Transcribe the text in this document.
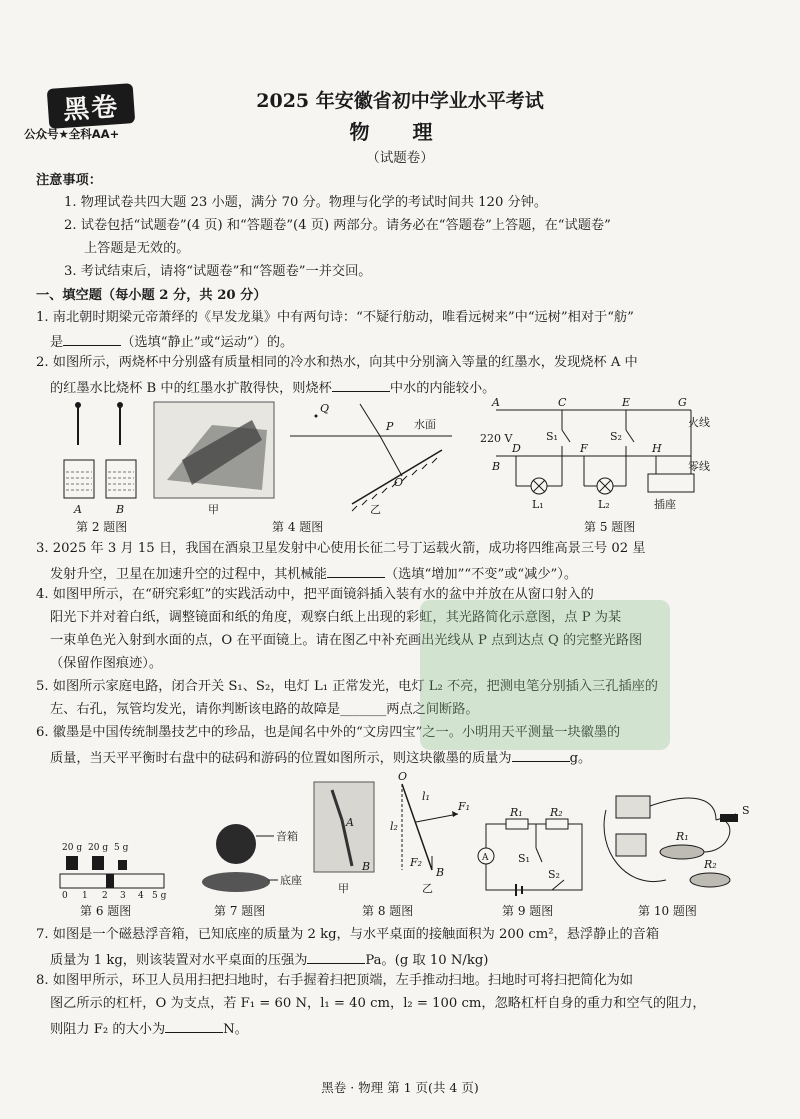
黑卷
公众号★全科AA+
2025 年安徽省初中学业水平考试
物 理
（试题卷）
注意事项：
1. 物理试卷共四大题 23 小题，满分 70 分。物理与化学的考试时间共 120 分钟。
2. 试卷包括“试题卷”(4 页) 和“答题卷”(4 页) 两部分。请务必在“答题卷”上答题，在“试题卷”
上答题是无效的。
3. 考试结束后，请将“试题卷”和“答题卷”一并交回。
一、填空题（每小题 2 分，共 20 分）
1. 南北朝时期梁元帝萧绎的《早发龙巢》中有两句诗：“不疑行舫动，唯看远树来”中“远树”相对于“舫”
是	（选填“静止”或“运动”）的。
2. 如图所示，两烧杯中分别盛有质量相同的冷水和热水，向其中分别滴入等量的红墨水，发现烧杯 A 中
的红墨水比烧杯 B 中的红墨水扩散得快，则烧杯	中水的内能较小。
A	B
第 2 题图
甲
水面
Q
P
O
乙
第 4 题图
A
B
220 V
C	E	G
火线
零线
S₁	S₂
L₁
D
L₂
F	H
插座
第 5 题图
3. 2025 年 3 月 15 日，我国在酒泉卫星发射中心使用长征二号丁运载火箭，成功将四维高景三号 02 星
发射升空，卫星在加速升空的过程中，其机械能	（选填“增加”“不变”或“减少”）。
4. 如图甲所示，在“研究彩虹”的实践活动中，把平面镜斜插入装有水的盆中并放在从窗口射入的
阳光下并对着白纸，调整镜面和纸的角度，观察白纸上出现的彩虹，其光路简化示意图，点 P 为某
一束单色光入射到水面的点，O 在平面镜上。请在图乙中补充画出光线从 P 点到达点 Q 的完整光路图
（保留作图痕迹）。
5. 如图所示家庭电路，闭合开关 S₁、S₂，电灯 L₁ 正常发光，电灯 L₂ 不亮，把测电笔分别插入三孔插座的
左、右孔，氖管均发光，请你判断该电路的故障是_______两点之间断路。
6. 徽墨是中国传统制墨技艺中的珍品，也是闻名中外的“文房四宝”之一。小明用天平测量一块徽墨的
质量，当天平平衡时右盘中的砝码和游码的位置如图所示，则这块徽墨的质量为	g。
20 g 20 g 5 g
0 1 2 3 4 5 g
第 6 题图
音箱
底座
第 7 题图
A
B
甲
O
F₁
l₁
l₂
F₂
B
乙
第 8 题图
R₁ R₂
A	S₁
S₂
第 9 题图
S
R₁
R₂
第 10 题图
7. 如图是一个磁悬浮音箱，已知底座的质量为 2 kg，与水平桌面的接触面积为 200 cm²，悬浮静止的音箱
质量为 1 kg，则该装置对水平桌面的压强为	Pa。(g 取 10 N/kg)
8. 如图甲所示，环卫人员用扫把扫地时，右手握着扫把顶端，左手推动扫地。扫地时可将扫把简化为如
图乙所示的杠杆，O 为支点，若 F₁ = 60 N，l₁ = 40 cm，l₂ = 100 cm，忽略杠杆自身的重力和空气的阻力，
则阻力 F₂ 的大小为	N。
黑卷 · 物理 第 1 页(共 4 页)
